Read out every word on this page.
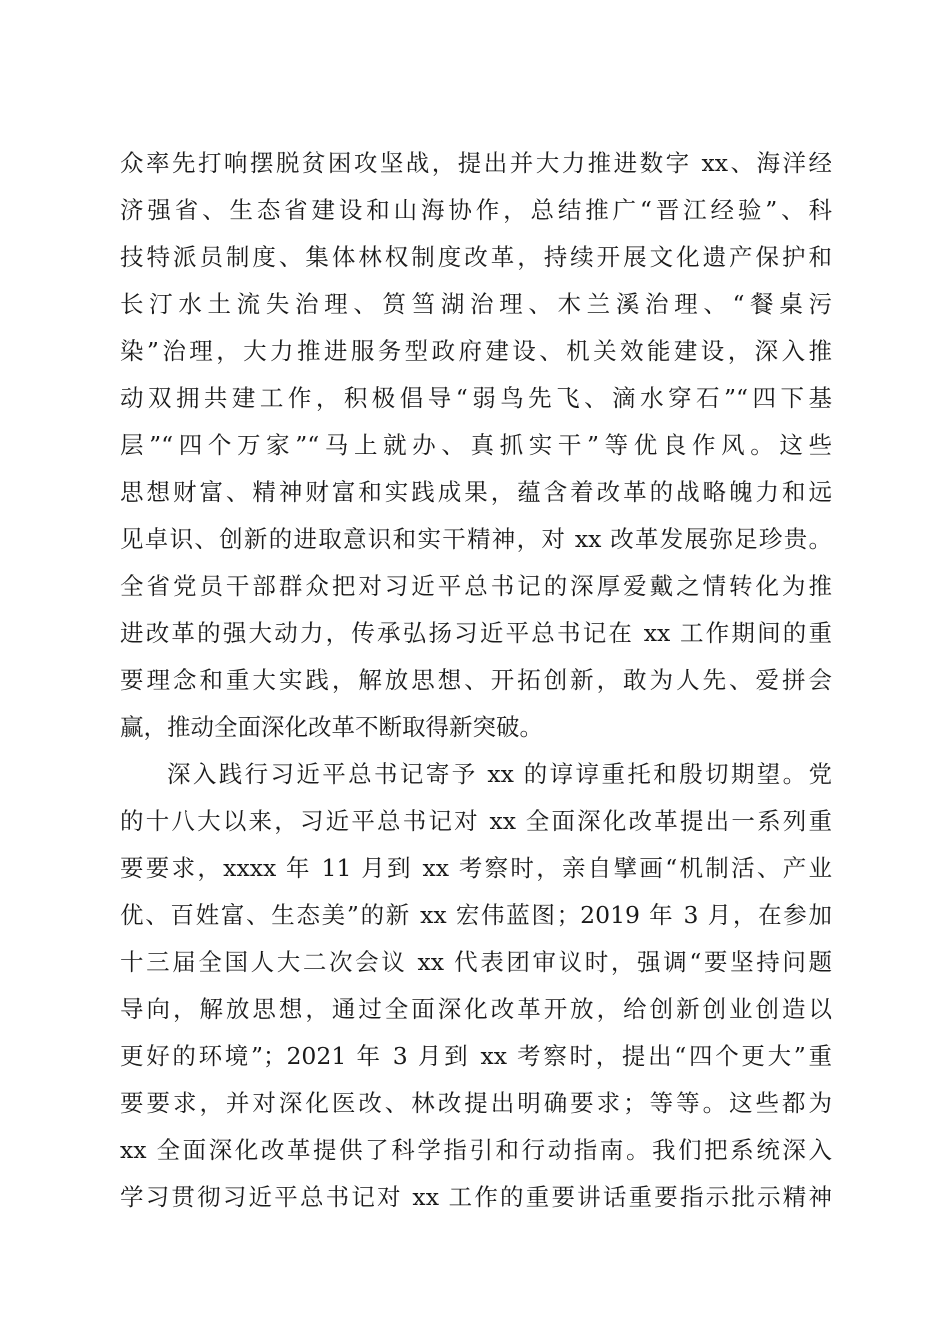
众率先打响摆脱贫困攻坚战，提出并大力推进数字 xx、海洋经
济强省、生态省建设和山海协作，总结推广“晋江经验”、科
技特派员制度、集体林权制度改革，持续开展文化遗产保护和
长汀水土流失治理、筼筜湖治理、木兰溪治理、“餐桌污
染”治理，大力推进服务型政府建设、机关效能建设，深入推
动双拥共建工作，积极倡导“弱鸟先飞、滴水穿石”“四下基
层”“四个万家”“马上就办、真抓实干”等优良作风。这些
思想财富、精神财富和实践成果，蕴含着改革的战略魄力和远
见卓识、创新的进取意识和实干精神，对 xx 改革发展弥足珍贵。
全省党员干部群众把对习近平总书记的深厚爱戴之情转化为推
进改革的强大动力，传承弘扬习近平总书记在 xx 工作期间的重
要理念和重大实践，解放思想、开拓创新，敢为人先、爱拼会
赢，推动全面深化改革不断取得新突破。
深入践行习近平总书记寄予 xx 的谆谆重托和殷切期望。党
的十八大以来，习近平总书记对 xx 全面深化改革提出一系列重
要要求，xxxx 年 11 月到 xx 考察时，亲自擘画“机制活、产业
优、百姓富、生态美”的新 xx 宏伟蓝图；2019 年 3 月，在参加
十三届全国人大二次会议 xx 代表团审议时，强调“要坚持问题
导向，解放思想，通过全面深化改革开放，给创新创业创造以
更好的环境”；2021 年 3 月到 xx 考察时，提出“四个更大”重
要要求，并对深化医改、林改提出明确要求；等等。这些都为
xx 全面深化改革提供了科学指引和行动指南。我们把系统深入
学习贯彻习近平总书记对 xx 工作的重要讲话重要指示批示精神
